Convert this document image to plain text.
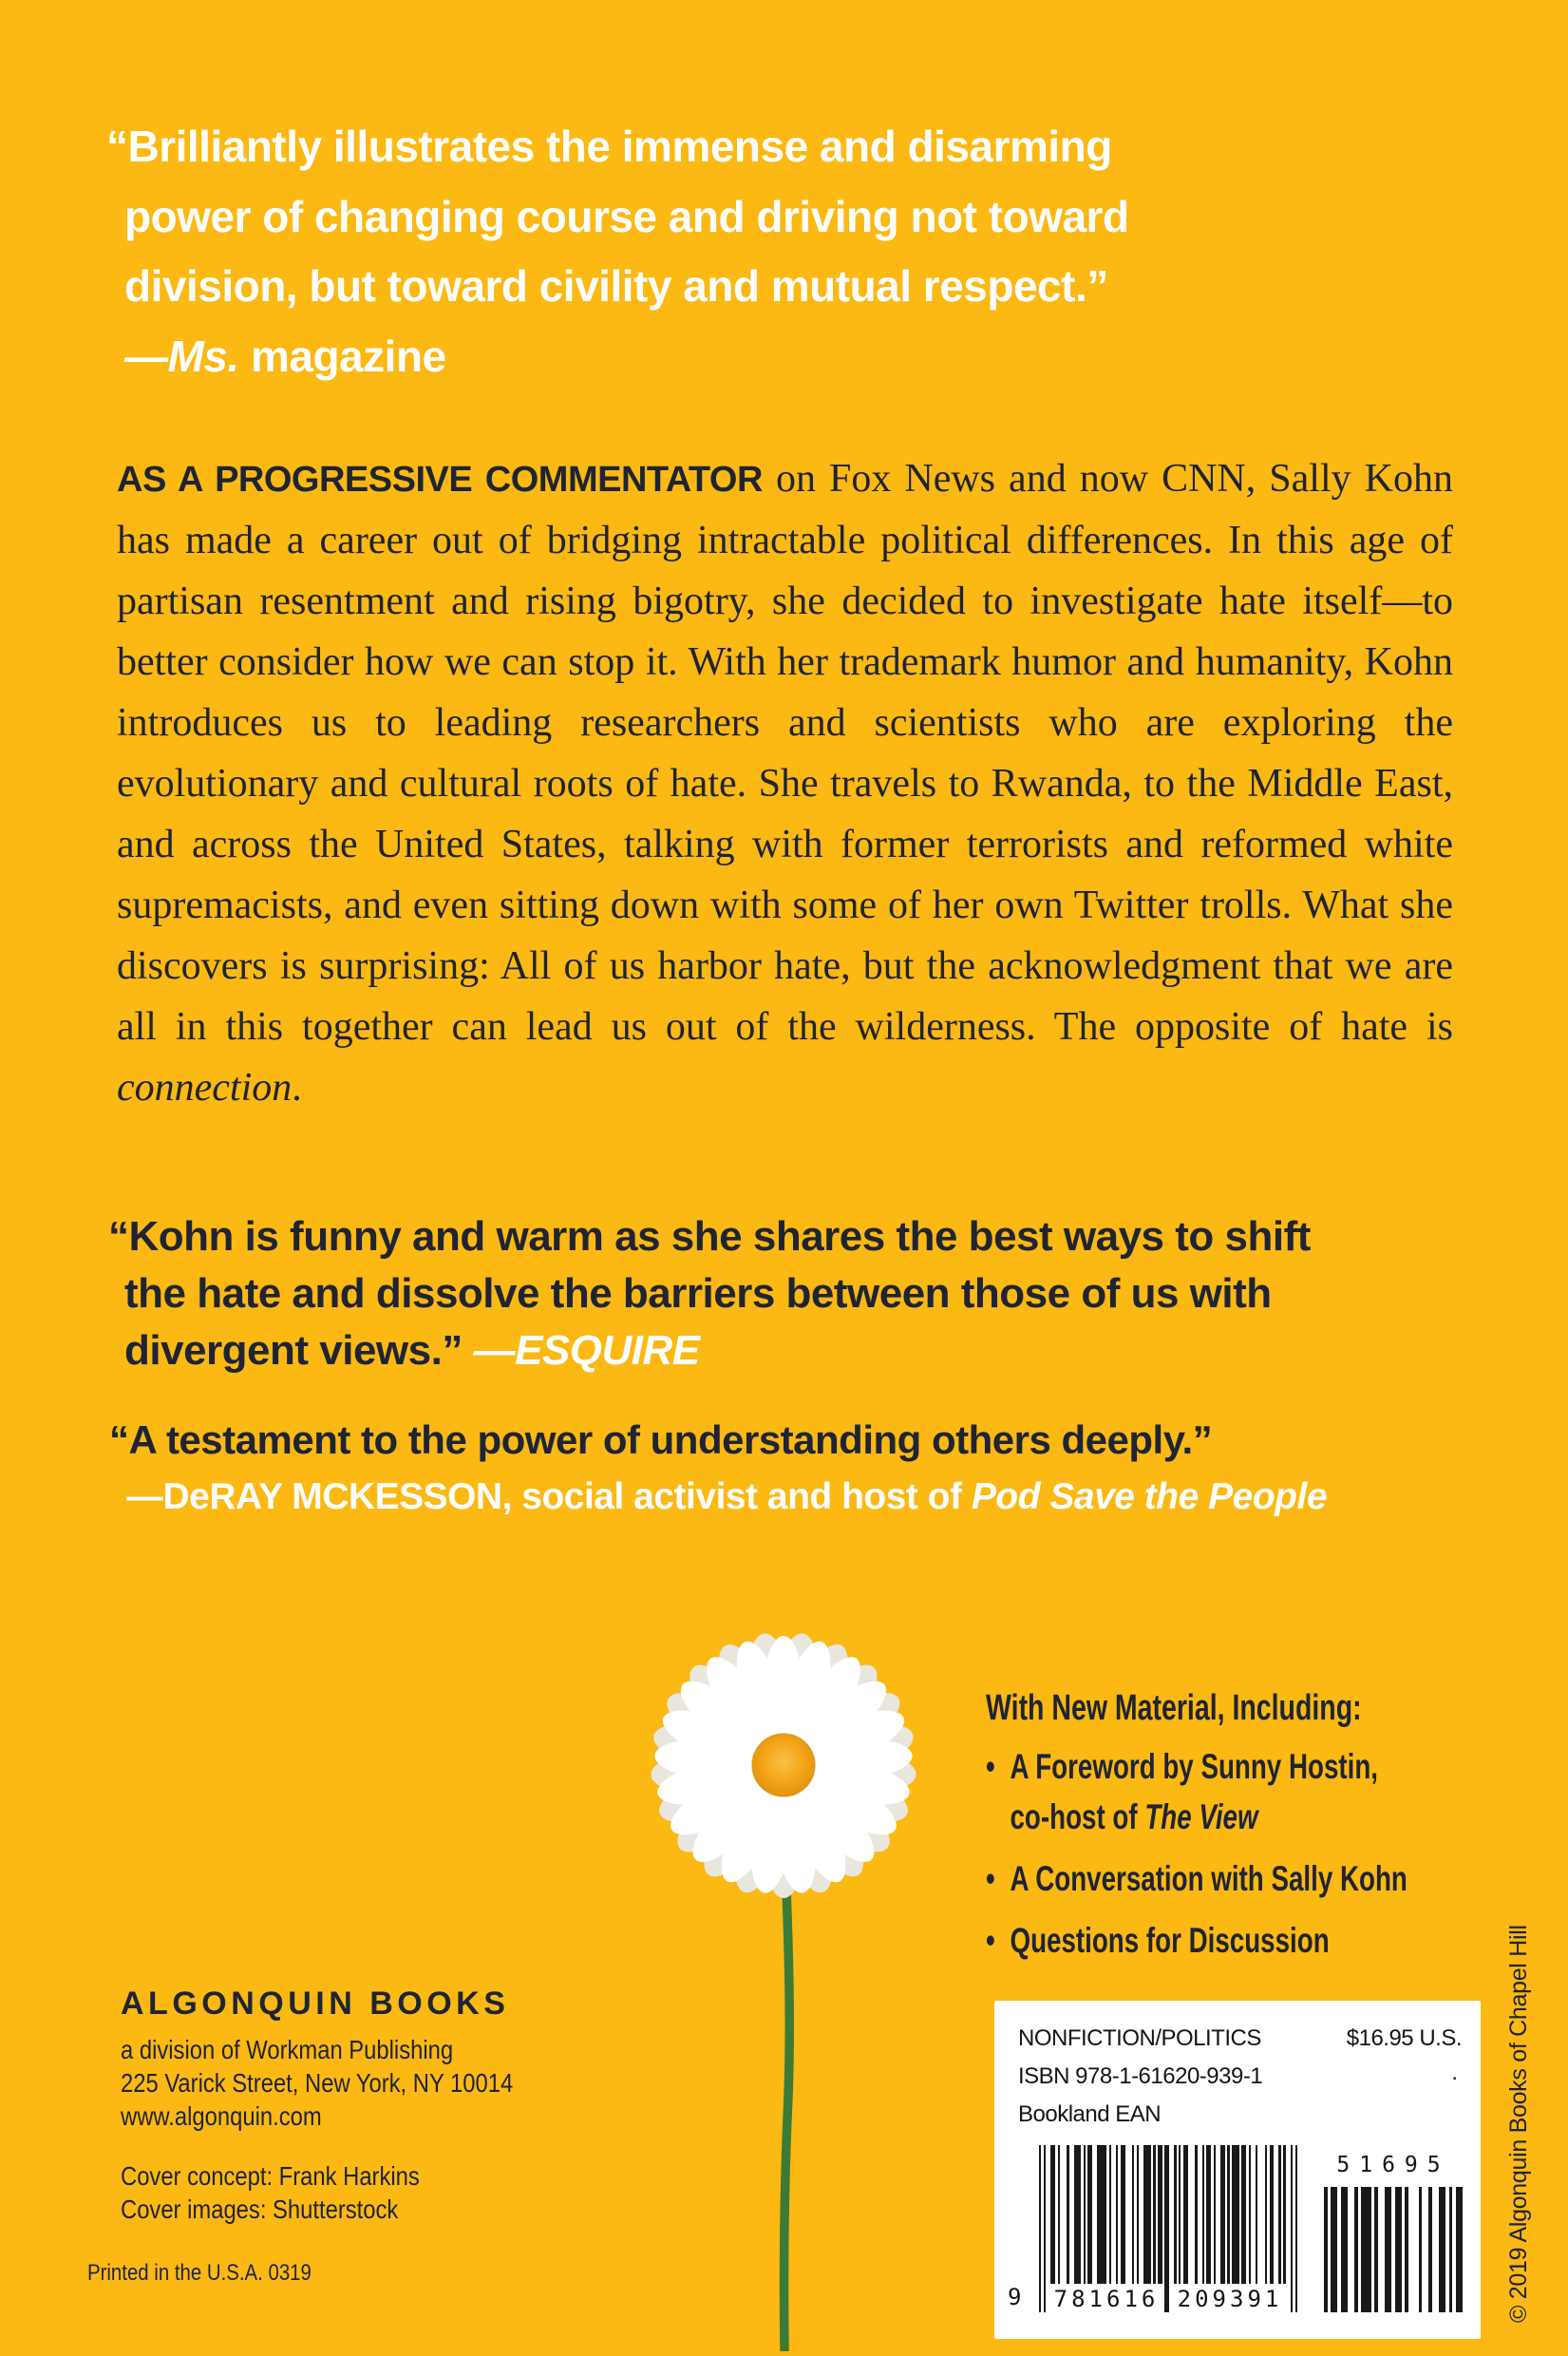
“Brilliantly illustrates the immense and disarming
power of changing course and driving not toward
division, but toward civility and mutual respect.”
—Ms. magazine

AS A PROGRESSIVE COMMENTATOR on Fox News and now CNN, Sally Kohn has made a career out of bridging intractable political differences. In this age of partisan resentment and rising bigotry, she decided to investigate hate itself—to better consider how we can stop it. With her trademark humor and humanity, Kohn introduces us to leading researchers and scientists who are exploring the evolutionary and cultural roots of hate. She travels to Rwanda, to the Middle East, and across the United States, talking with former terrorists and reformed white supremacists, and even sitting down with some of her own Twitter trolls. What she discovers is surprising: All of us harbor hate, but the acknowledgment that we are all in this together can lead us out of the wilderness. The opposite of hate is connection.

“Kohn is funny and warm as she shares the best ways to shift
the hate and dissolve the barriers between those of us with
divergent views.” —ESQUIRE
“A testament to the power of understanding others deeply.”
—DeRAY MCKESSON, social activist and host of Pod Save the People
With New Material, Including:
• A Foreword by Sunny Hostin,
co-host of The View
• A Conversation with Sally Kohn
• Questions for Discussion
ALGONQUIN BOOKS
a division of Workman Publishing
225 Varick Street, New York, NY 10014
www.algonquin.com
Cover concept: Frank Harkins
Cover images: Shutterstock
Printed in the U.S.A. 0319
NONFICTION/POLITICS	$16.95 U.S.
ISBN 978-1-61620-939-1	.
Bookland EAN
781616 209391
9
51695	© 2019 Algonquin Books of Chapel Hill
